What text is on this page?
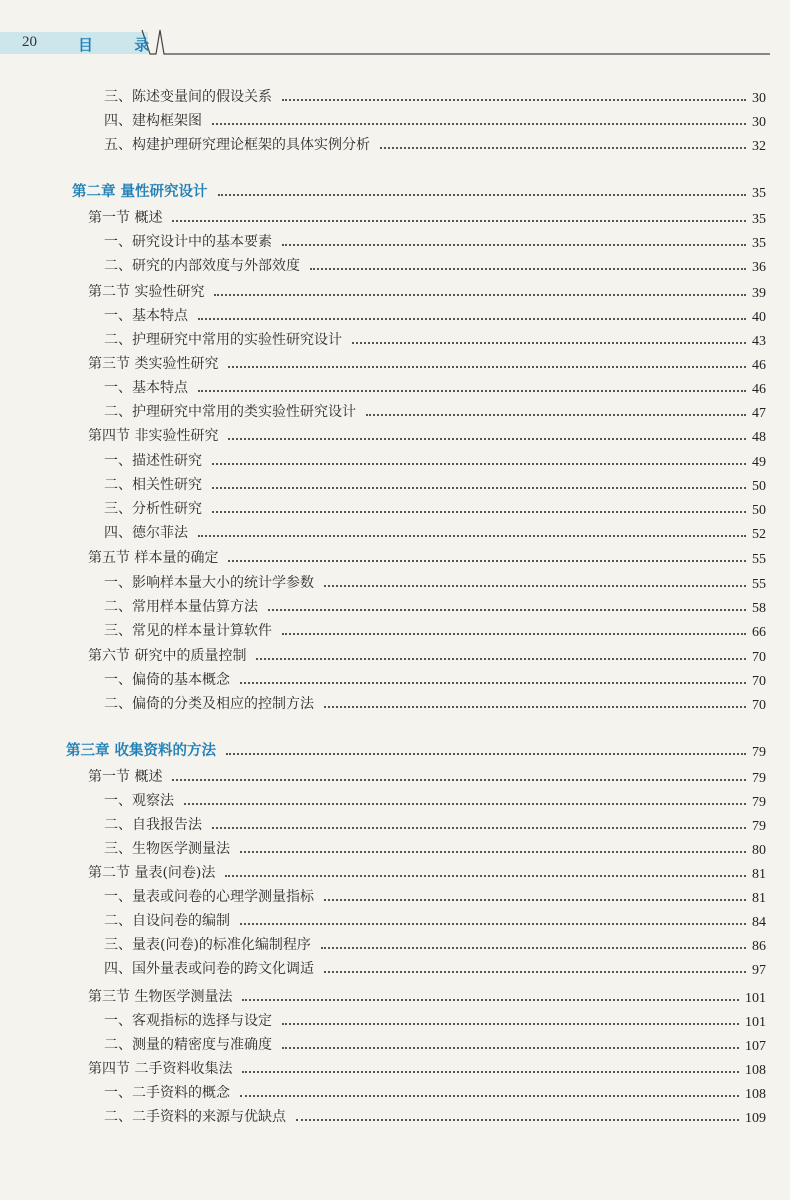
20	目 录
三、陈述变量间的假设关系	30
四、建构框架图	30
五、构建护理研究理论框架的具体实例分析	32
第二章 量性研究设计	35
第一节 概述	35
一、研究设计中的基本要素	35
二、研究的内部效度与外部效度	36
第二节 实验性研究	39
一、基本特点	40
二、护理研究中常用的实验性研究设计	43
第三节 类实验性研究	46
一、基本特点	46
二、护理研究中常用的类实验性研究设计	47
第四节 非实验性研究	48
一、描述性研究	49
二、相关性研究	50
三、分析性研究	50
四、德尔菲法	52
第五节 样本量的确定	55
一、影响样本量大小的统计学参数	55
二、常用样本量估算方法	58
三、常见的样本量计算软件	66
第六节 研究中的质量控制	70
一、偏倚的基本概念	70
二、偏倚的分类及相应的控制方法	70
第三章 收集资料的方法	79
第一节 概述	79
一、观察法	79
二、自我报告法	79
三、生物医学测量法	80
第二节 量表(问卷)法	81
一、量表或问卷的心理学测量指标	81
二、自设问卷的编制	84
三、量表(问卷)的标准化编制程序	86
四、国外量表或问卷的跨文化调适	97
第三节 生物医学测量法	101
一、客观指标的选择与设定	101
二、测量的精密度与准确度	107
第四节 二手资料收集法	108
一、二手资料的概念	108
二、二手资料的来源与优缺点	109
